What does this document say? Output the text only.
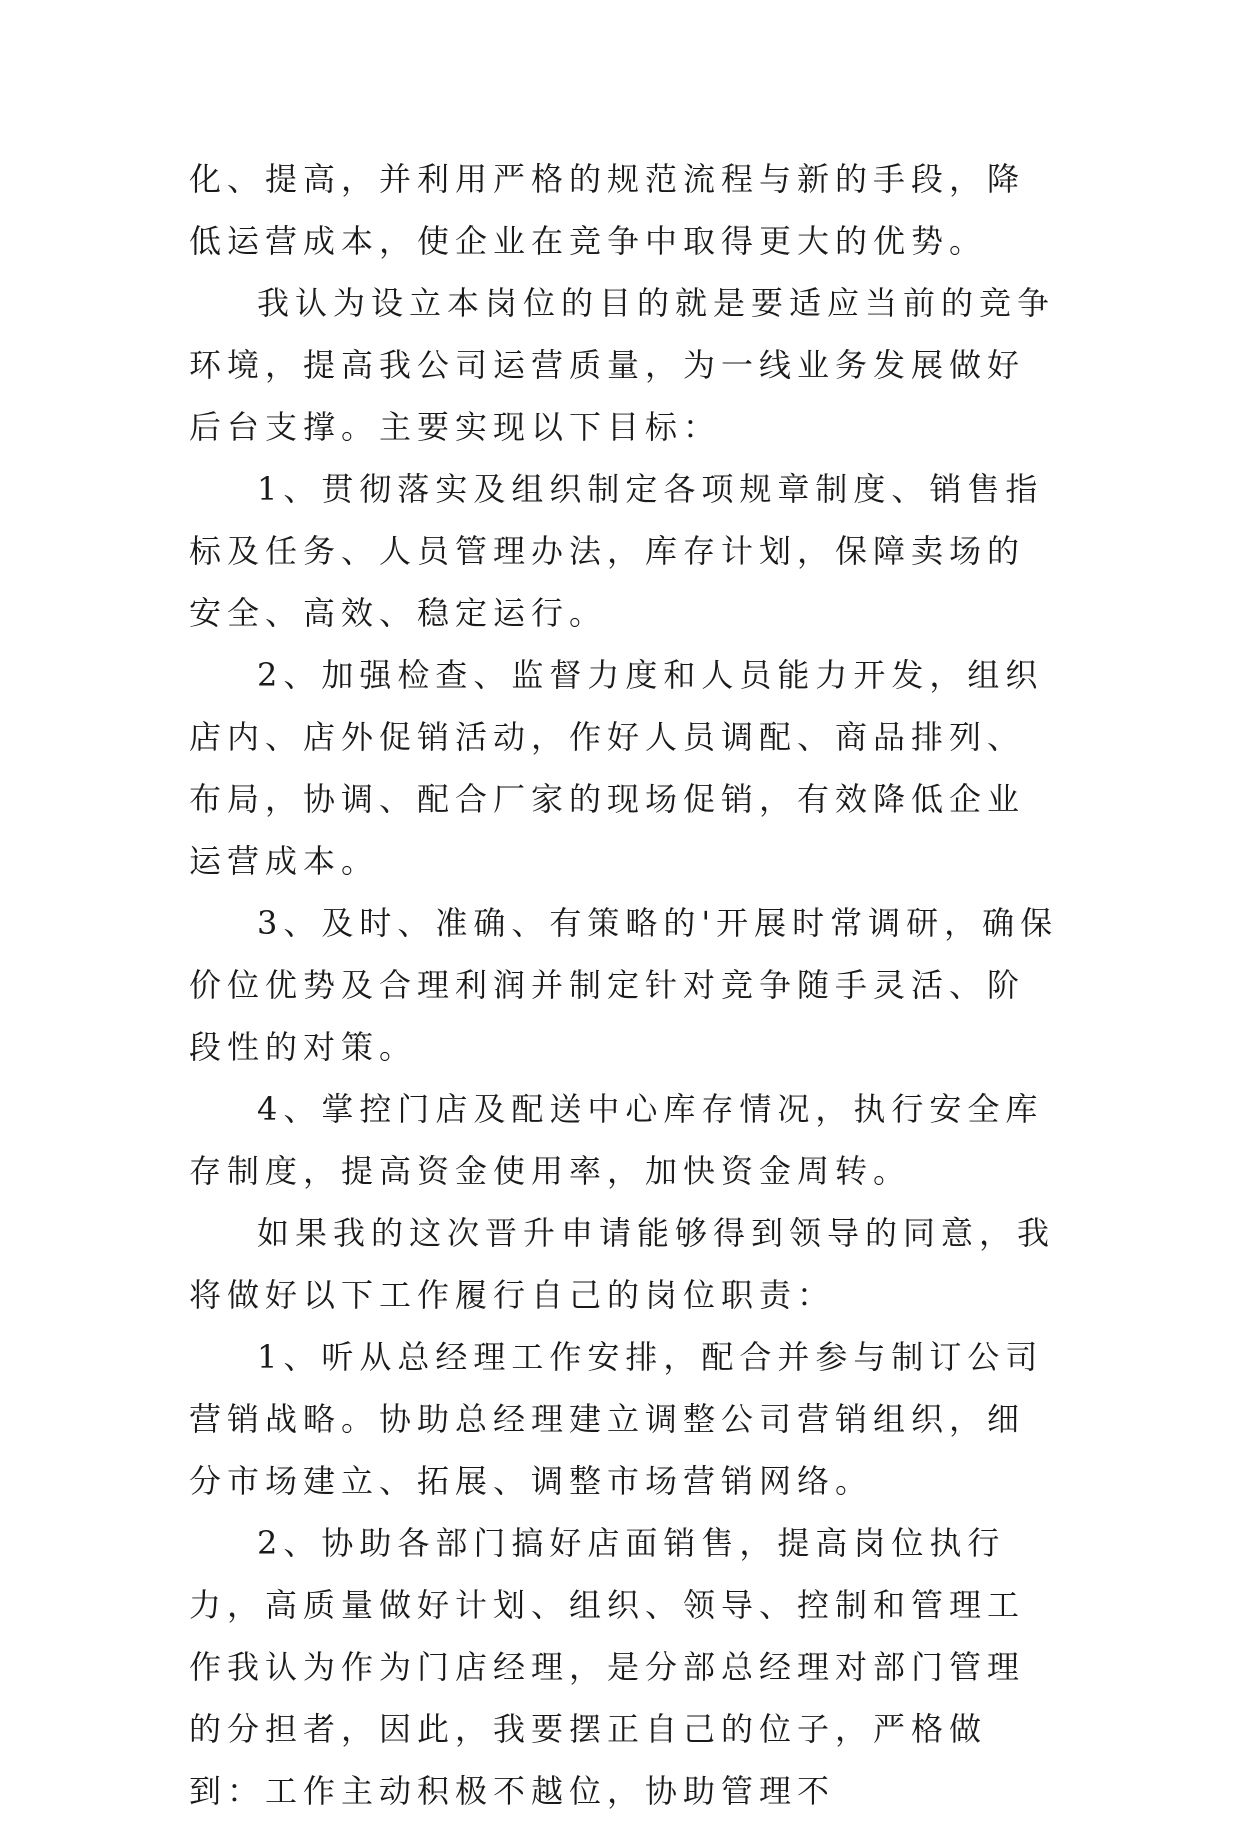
化、提高，并利用严格的规范流程与新的手段，降低运营成本，使企业在竞争中取得更大的优势。

我认为设立本岗位的目的就是要适应当前的竞争环境，提高我公司运营质量，为一线业务发展做好后台支撑。主要实现以下目标：

1、贯彻落实及组织制定各项规章制度、销售指标及任务、人员管理办法，库存计划，保障卖场的安全、高效、稳定运行。

2、加强检查、监督力度和人员能力开发，组织店内、店外促销活动，作好人员调配、商品排列、布局，协调、配合厂家的现场促销，有效降低企业运营成本。

3、及时、准确、有策略的'开展时常调研，确保价位优势及合理利润并制定针对竞争随手灵活、阶段性的对策。

4、掌控门店及配送中心库存情况，执行安全库存制度，提高资金使用率，加快资金周转。

如果我的这次晋升申请能够得到领导的同意，我将做好以下工作履行自己的岗位职责：

1、听从总经理工作安排，配合并参与制订公司营销战略。协助总经理建立调整公司营销组织，细分市场建立、拓展、调整市场营销网络。

2、协助各部门搞好店面销售，提高岗位执行力，高质量做好计划、组织、领导、控制和管理工作我认为作为门店经理，是分部总经理对部门管理的分担者，因此，我要摆正自己的位子，严格做到：工作主动积极不越位，协助管理不
